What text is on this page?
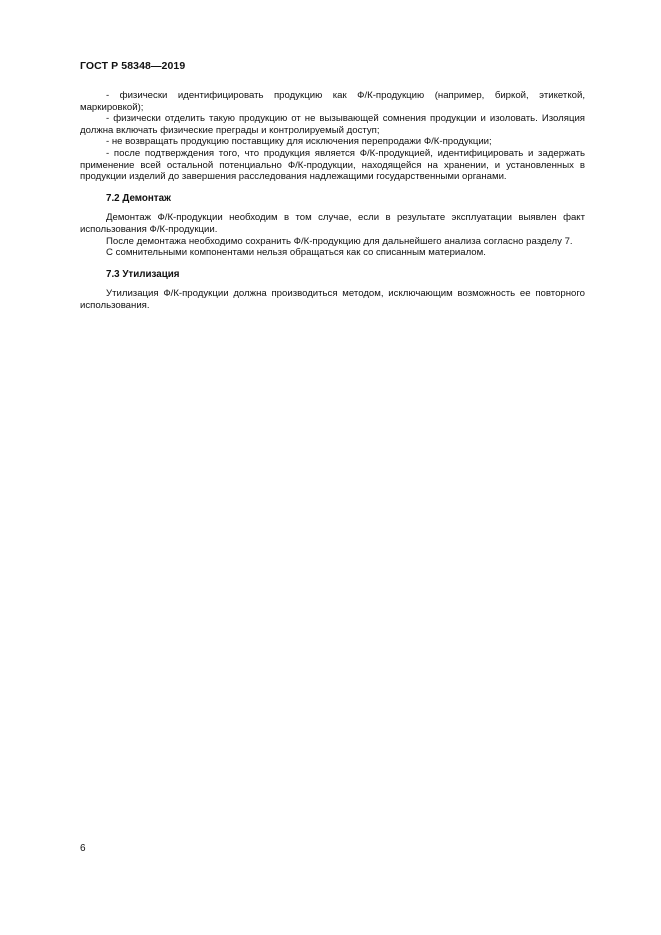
ГОСТ Р 58348—2019

- физически идентифицировать продукцию как Ф/К-продукцию (например, биркой, этикеткой, маркировкой);

- физически отделить такую продукцию от не вызывающей сомнения продукции и изоловать. Изоляция должна включать физические преграды и контролируемый доступ;

- не возвращать продукцию поставщику для исключения перепродажи Ф/К-продукции;

- после подтверждения того, что продукция является Ф/К-продукцией, идентифицировать и задержать применение всей остальной потенциально Ф/К-продукции, находящейся на хранении, и установленных в продукции изделий до завершения расследования надлежащими государственными органами.

7.2 Демонтаж

Демонтаж Ф/К-продукции необходим в том случае, если в результате эксплуатации выявлен факт использования Ф/К-продукции.

После демонтажа необходимо сохранить Ф/К-продукцию для дальнейшего анализа согласно разделу 7.

С сомнительными компонентами нельзя обращаться как со списанным материалом.

7.3 Утилизация

Утилизация Ф/К-продукции должна производиться методом, исключающим возможность ее повторного использования.

6
